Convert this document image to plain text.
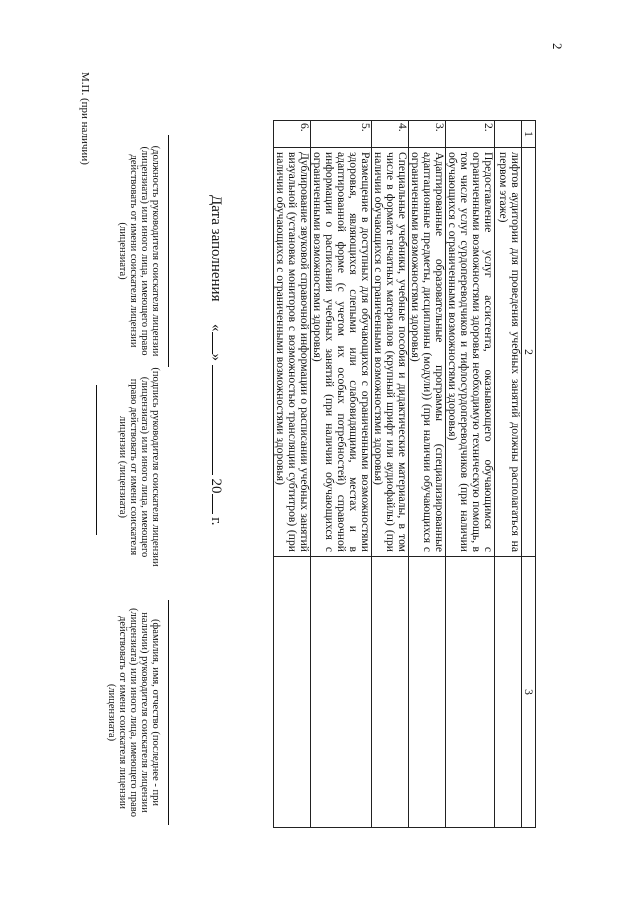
2
1	2	3
	лифтов аудитории для проведения учебных занятий должны располагаться на первом этаже)	
2.	Предоставление услуг ассистента, оказывающего обучающимся с ограниченными возможностями здоровья необходимую техническую помощь, в том числе услуг сурдопереводчиков и тифлосурдопереводчиков (при наличии обучающихся с ограниченными возможностями здоровья)	
3.	Адаптированные образовательные программы (специализированные адаптационные предметы, дисциплины (модули)) (при наличии обучающихся с ограниченными возможностями здоровья)	
4.	Специальные учебники, учебные пособия и дидактические материалы, в том числе в формате печатных материалов (крупный шрифт или аудиофайлы) (при наличии обучающихся с ограниченными возможностями здоровья)	
5.	Размещение в доступных для обучающихся с ограниченными возможностями здоровья, являющихся слепыми или слабовидящими, местах и в адаптированной форме (с учетом их особых потребностей) справочной информации о расписании учебных занятий (при наличии обучающихся с ограниченными возможностями здоровья)	
6.	Дублирование звуковой справочной информации о расписании учебных занятий визуальной (установка мониторов с возможностью трансляции субтитров) (при наличии обучающихся с ограниченными возможностями здоровья)	
Дата заполнения      «»  20 г.
(должность руководителя соискателя лицензии (лицензиата) или иного лица, имеющего право действовать от имени соискателя лицензии (лицензиата)
(подпись руководителя соискателя лицензии (лицензиата) или иного лица, имеющего право действовать от имени соискателя лицензии (лицензиата)
(фамилия, имя, отчество (последнее - при наличии) руководителя соискателя лицензии (лицензиата) или иного лица, имеющего право действовать от имени соискателя лицензии (лицензиата)
М.П. (при наличии)
